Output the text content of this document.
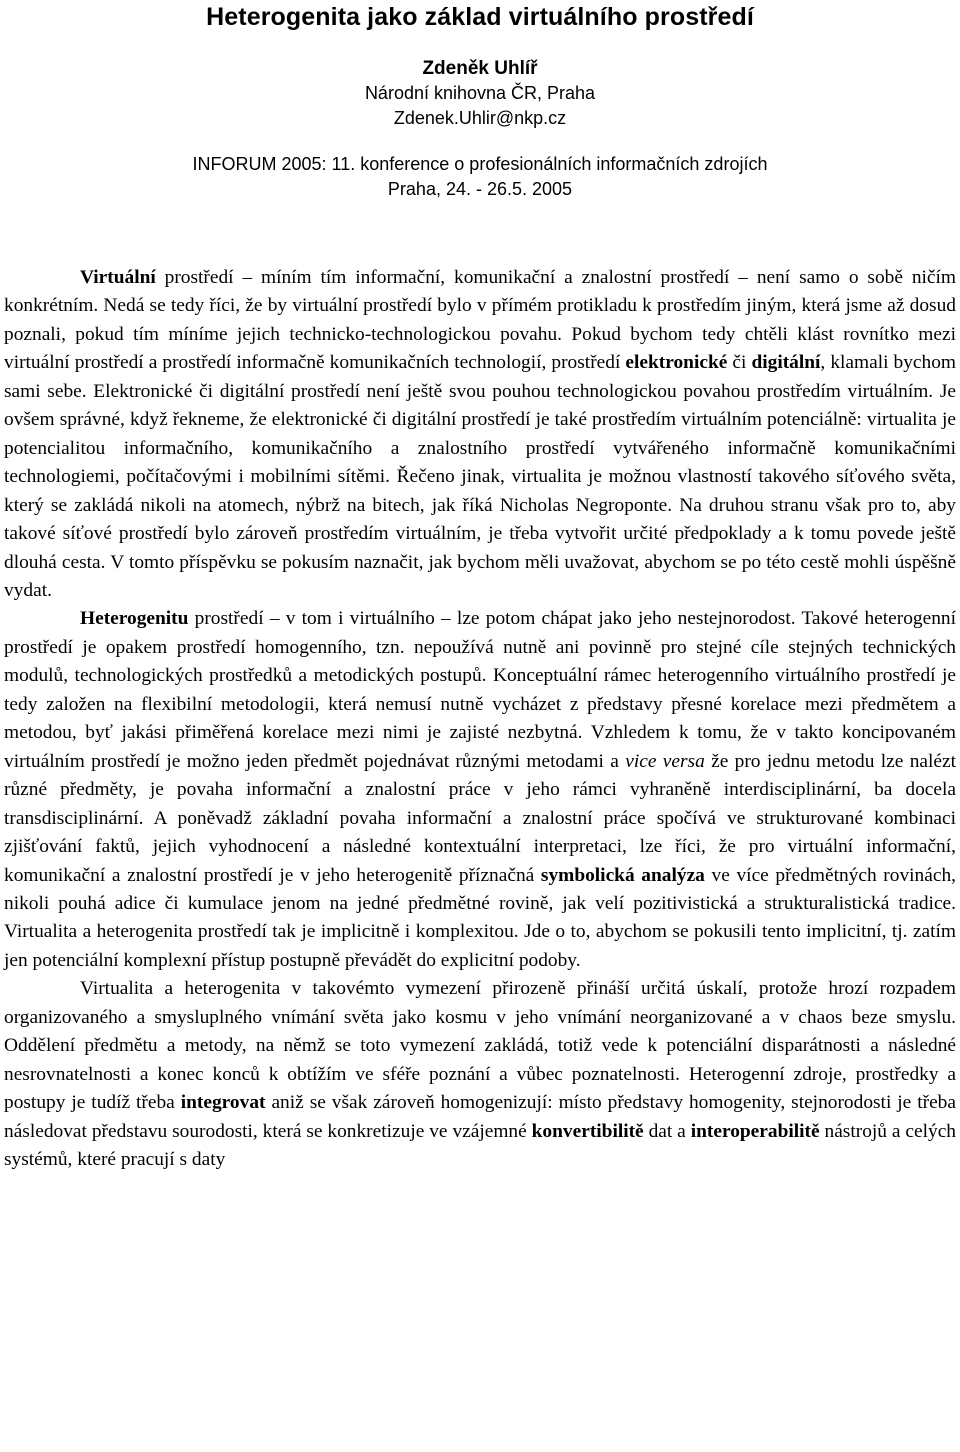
Heterogenita jako základ virtuálního prostředí
Zdeněk Uhlíř
Národní knihovna ČR, Praha
Zdenek.Uhlir@nkp.cz
INFORUM 2005: 11. konference o profesionálních informačních zdrojích
Praha, 24. - 26.5. 2005

Virtuální prostředí – míním tím informační, komunikační a znalostní prostředí – není samo o sobě ničím konkrétním. Nedá se tedy říci, že by virtuální prostředí bylo v přímém protikladu k prostředím jiným, která jsme až dosud poznali, pokud tím míníme jejich technicko-technologickou povahu. Pokud bychom tedy chtěli klást rovnítko mezi virtuální prostředí a prostředí informačně komunikačních technologií, prostředí elektronické či digitální, klamali bychom sami sebe. Elektronické či digitální prostředí není ještě svou pouhou technologickou povahou prostředím virtuálním. Je ovšem správné, když řekneme, že elektronické či digitální prostředí je také prostředím virtuálním potenciálně: virtualita je potencialitou informačního, komunikačního a znalostního prostředí vytvářeného informačně komunikačními technologiemi, počítačovými i mobilními sítěmi. Řečeno jinak, virtualita je možnou vlastností takového síťového světa, který se zakládá nikoli na atomech, nýbrž na bitech, jak říká Nicholas Negroponte. Na druhou stranu však pro to, aby takové síťové prostředí bylo zároveň prostředím virtuálním, je třeba vytvořit určité předpoklady a k tomu povede ještě dlouhá cesta. V tomto příspěvku se pokusím naznačit, jak bychom měli uvažovat, abychom se po této cestě mohli úspěšně vydat.

Heterogenitu prostředí – v tom i virtuálního – lze potom chápat jako jeho nestejnorodost. Takové heterogenní prostředí je opakem prostředí homogenního, tzn. nepoužívá nutně ani povinně pro stejné cíle stejných technických modulů, technologických prostředků a metodických postupů. Konceptuální rámec heterogenního virtuálního prostředí je tedy založen na flexibilní metodologii, která nemusí nutně vycházet z představy přesné korelace mezi předmětem a metodou, byť jakási přiměřená korelace mezi nimi je zajisté nezbytná. Vzhledem k tomu, že v takto koncipovaném virtuálním prostředí je možno jeden předmět pojednávat různými metodami a vice versa že pro jednu metodu lze nalézt různé předměty, je povaha informační a znalostní práce v jeho rámci vyhraněně interdisciplinární, ba docela transdisciplinární. A poněvadž základní povaha informační a znalostní práce spočívá ve strukturované kombinaci zjišťování faktů, jejich vyhodnocení a následné kontextuální interpretaci, lze říci, že pro virtuální informační, komunikační a znalostní prostředí je v jeho heterogenitě příznačná symbolická analýza ve více předmětných rovinách, nikoli pouhá adice či kumulace jenom na jedné předmětné rovině, jak velí pozitivistická a strukturalistická tradice. Virtualita a heterogenita prostředí tak je implicitně i komplexitou. Jde o to, abychom se pokusili tento implicitní, tj. zatím jen potenciální komplexní přístup postupně převádět do explicitní podoby.

Virtualita a heterogenita v takovémto vymezení přirozeně přináší určitá úskalí, protože hrozí rozpadem organizovaného a smysluplného vnímání světa jako kosmu v jeho vnímání neorganizované a v chaos beze smyslu. Oddělení předmětu a metody, na němž se toto vymezení zakládá, totiž vede k potenciální disparátnosti a následné nesrovnatelnosti a konec konců k obtížím ve sféře poznání a vůbec poznatelnosti. Heterogenní zdroje, prostředky a postupy je tudíž třeba integrovat aniž se však zároveň homogenizují: místo představy homogenity, stejnorodosti je třeba následovat představu sourodosti, která se konkretizuje ve vzájemné konvertibilitě dat a interoperabilitě nástrojů a celých systémů, které pracují s daty
